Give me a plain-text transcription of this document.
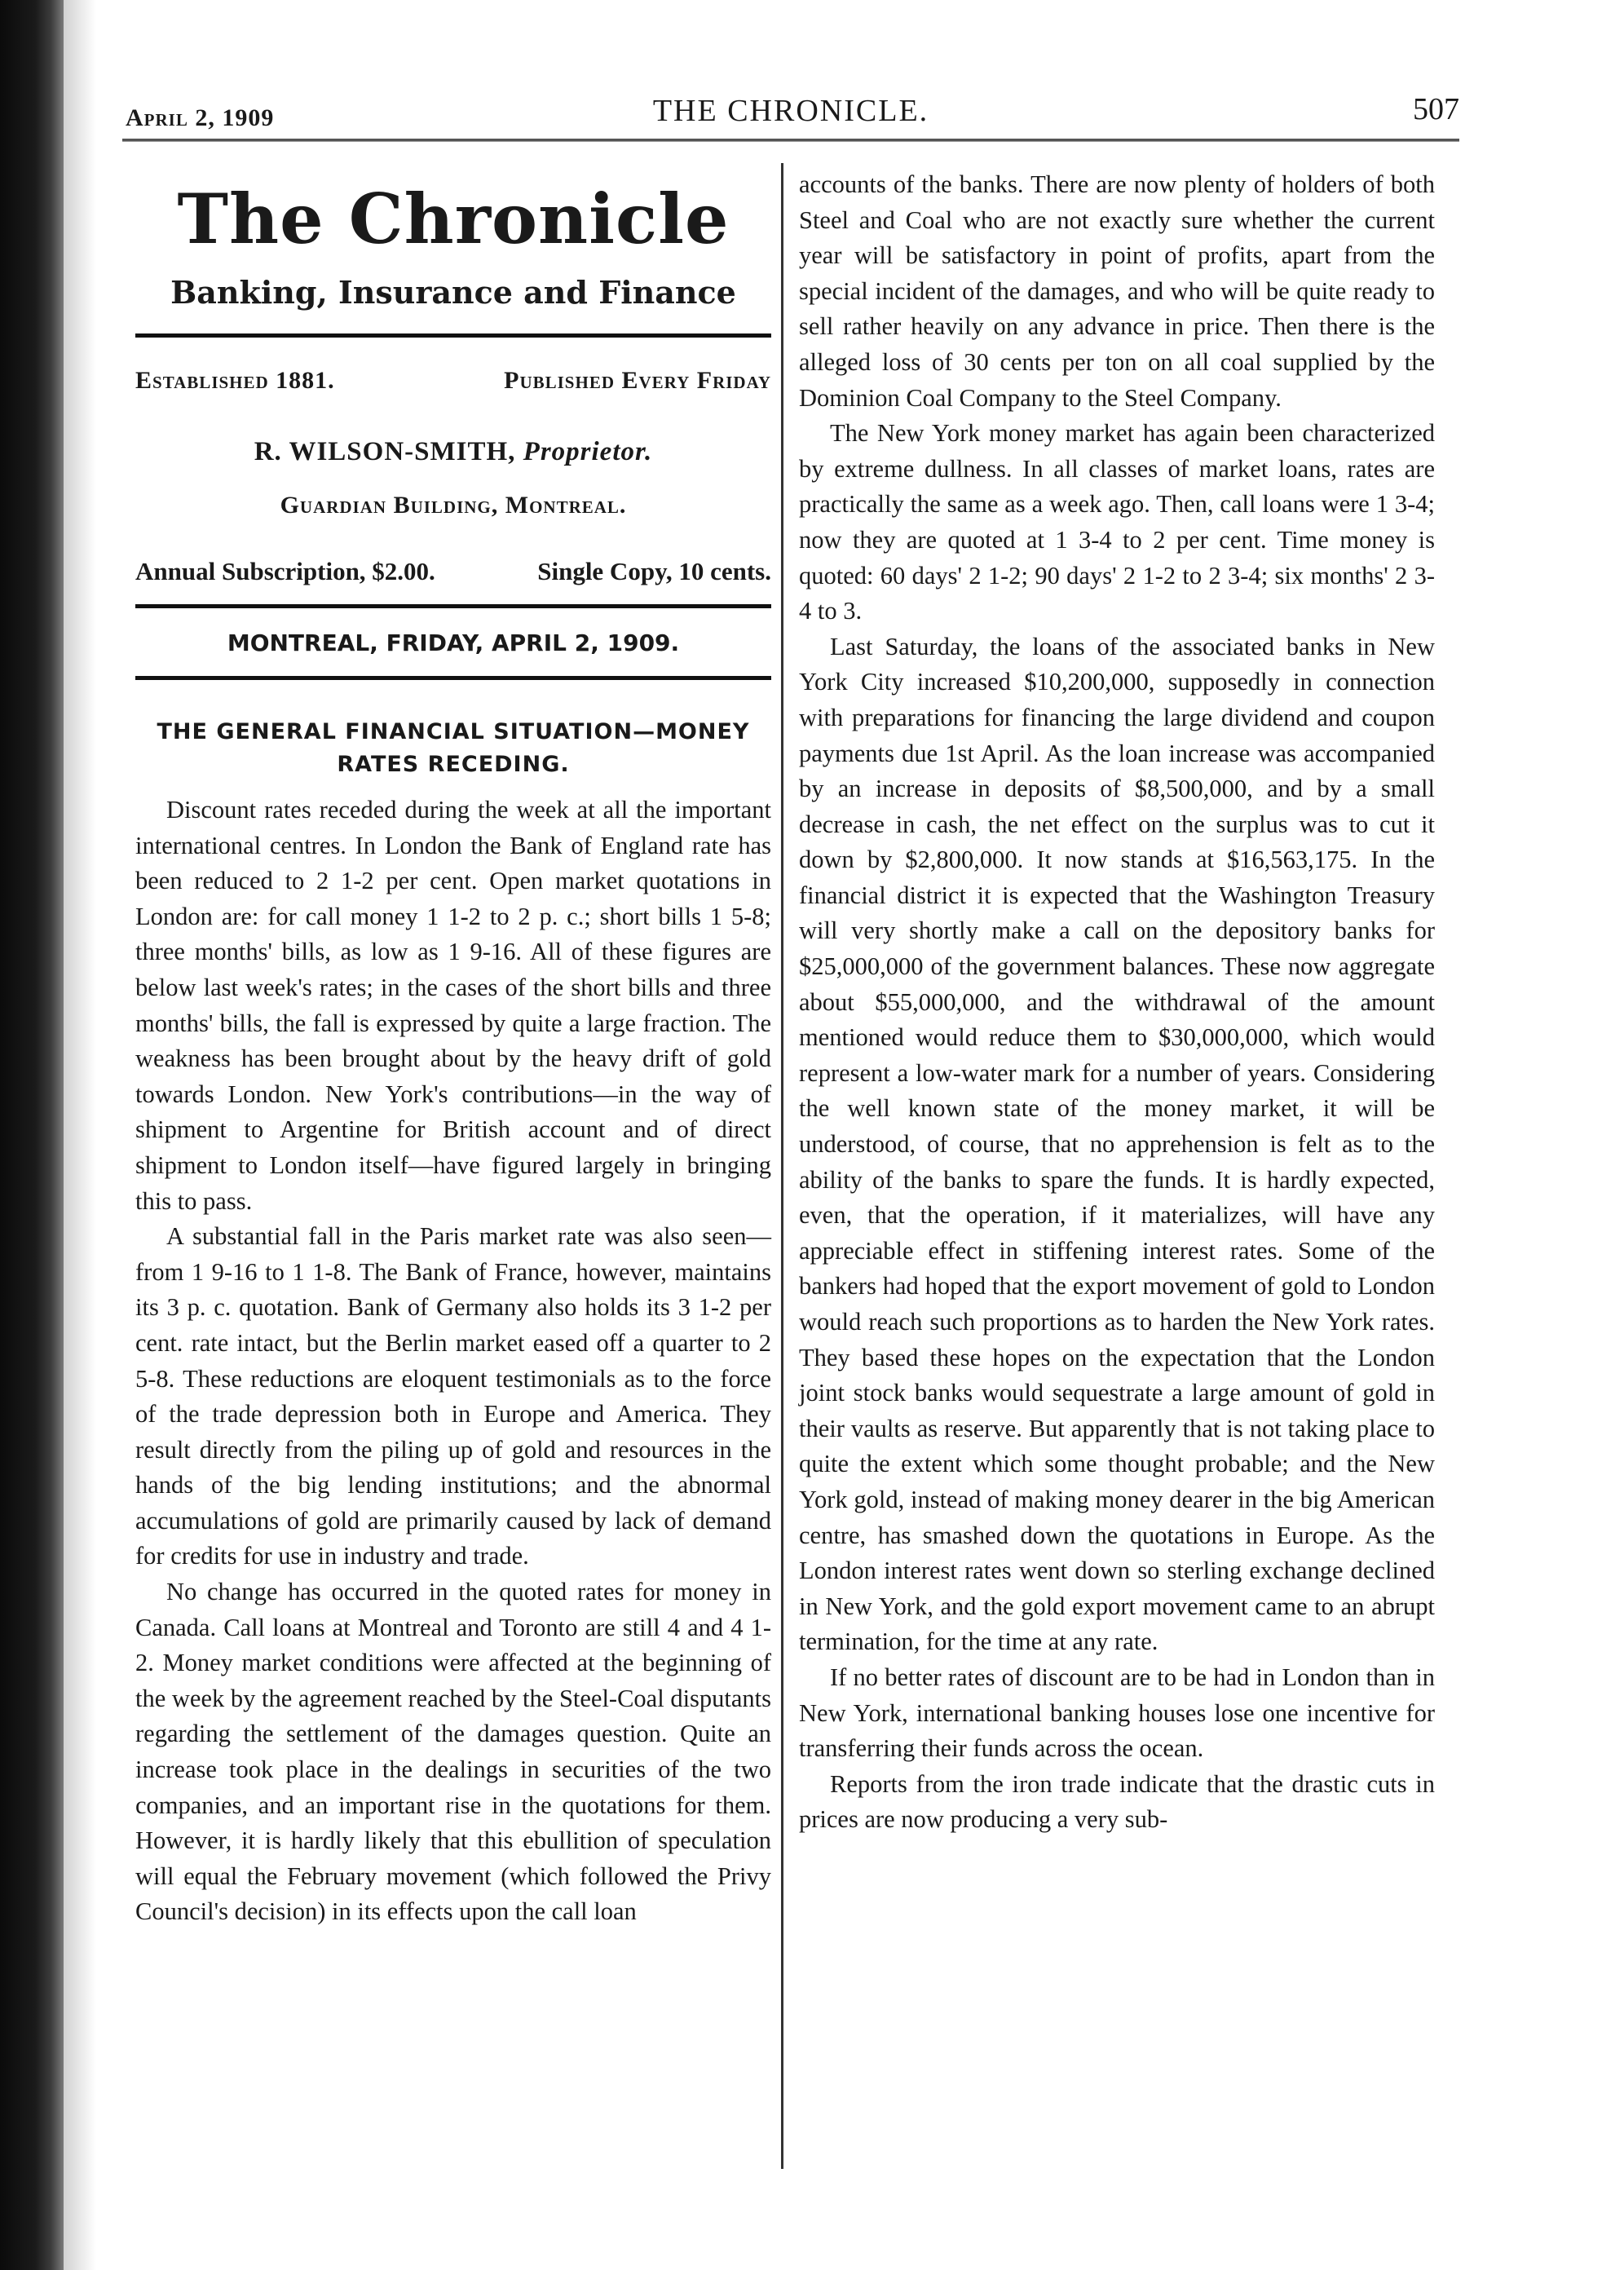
April 2, 1909	THE CHRONICLE.	507
The Chronicle
Banking, Insurance and Finance
Established 1881.	Published Every Friday
R. WILSON-SMITH, Proprietor.
Guardian Building, Montreal.
Annual Subscription, $2.00.	Single Copy, 10 cents.
MONTREAL, FRIDAY, APRIL 2, 1909.
THE GENERAL FINANCIAL SITUATION—MONEY
RATES RECEDING.

Discount rates receded during the week at all the important international centres. In London the Bank of England rate has been reduced to 2 1-2 per cent. Open market quotations in London are: for call money 1 1-2 to 2 p. c.; short bills 1 5-8; three months' bills, as low as 1 9-16. All of these figures are below last week's rates; in the cases of the short bills and three months' bills, the fall is expressed by quite a large fraction. The weakness has been brought about by the heavy drift of gold towards London. New York's contributions—in the way of shipment to Argentine for British account and of direct shipment to London itself—have figured largely in bringing this to pass.

A substantial fall in the Paris market rate was also seen—from 1 9-16 to 1 1-8. The Bank of France, however, maintains its 3 p. c. quotation. Bank of Germany also holds its 3 1-2 per cent. rate intact, but the Berlin market eased off a quarter to 2 5-8. These reductions are eloquent testimonials as to the force of the trade depression both in Europe and America. They result directly from the piling up of gold and resources in the hands of the big lending institutions; and the abnormal accumulations of gold are primarily caused by lack of demand for credits for use in industry and trade.

No change has occurred in the quoted rates for money in Canada. Call loans at Montreal and Toronto are still 4 and 4 1-2. Money market conditions were affected at the beginning of the week by the agreement reached by the Steel-Coal disputants regarding the settlement of the damages question. Quite an increase took place in the dealings in securities of the two companies, and an important rise in the quotations for them. However, it is hardly likely that this ebullition of speculation will equal the February movement (which followed the Privy Council's decision) in its effects upon the call loan

accounts of the banks. There are now plenty of holders of both Steel and Coal who are not exactly sure whether the current year will be satisfactory in point of profits, apart from the special incident of the damages, and who will be quite ready to sell rather heavily on any advance in price. Then there is the alleged loss of 30 cents per ton on all coal supplied by the Dominion Coal Company to the Steel Company.

The New York money market has again been characterized by extreme dullness. In all classes of market loans, rates are practically the same as a week ago. Then, call loans were 1 3-4; now they are quoted at 1 3-4 to 2 per cent. Time money is quoted: 60 days' 2 1-2; 90 days' 2 1-2 to 2 3-4; six months' 2 3-4 to 3.

Last Saturday, the loans of the associated banks in New York City increased $10,200,000, supposedly in connection with preparations for financing the large dividend and coupon payments due 1st April. As the loan increase was accompanied by an increase in deposits of $8,500,000, and by a small decrease in cash, the net effect on the surplus was to cut it down by $2,800,000. It now stands at $16,563,175. In the financial district it is expected that the Washington Treasury will very shortly make a call on the depository banks for $25,000,000 of the government balances. These now aggregate about $55,000,000, and the withdrawal of the amount mentioned would reduce them to $30,000,000, which would represent a low-water mark for a number of years. Considering the well known state of the money market, it will be understood, of course, that no apprehension is felt as to the ability of the banks to spare the funds. It is hardly expected, even, that the operation, if it materializes, will have any appreciable effect in stiffening interest rates. Some of the bankers had hoped that the export movement of gold to London would reach such proportions as to harden the New York rates. They based these hopes on the expectation that the London joint stock banks would sequestrate a large amount of gold in their vaults as reserve. But apparently that is not taking place to quite the extent which some thought probable; and the New York gold, instead of making money dearer in the big American centre, has smashed down the quotations in Europe. As the London interest rates went down so sterling exchange declined in New York, and the gold export movement came to an abrupt termination, for the time at any rate.

If no better rates of discount are to be had in London than in New York, international banking houses lose one incentive for transferring their funds across the ocean.

Reports from the iron trade indicate that the drastic cuts in prices are now producing a very sub-
